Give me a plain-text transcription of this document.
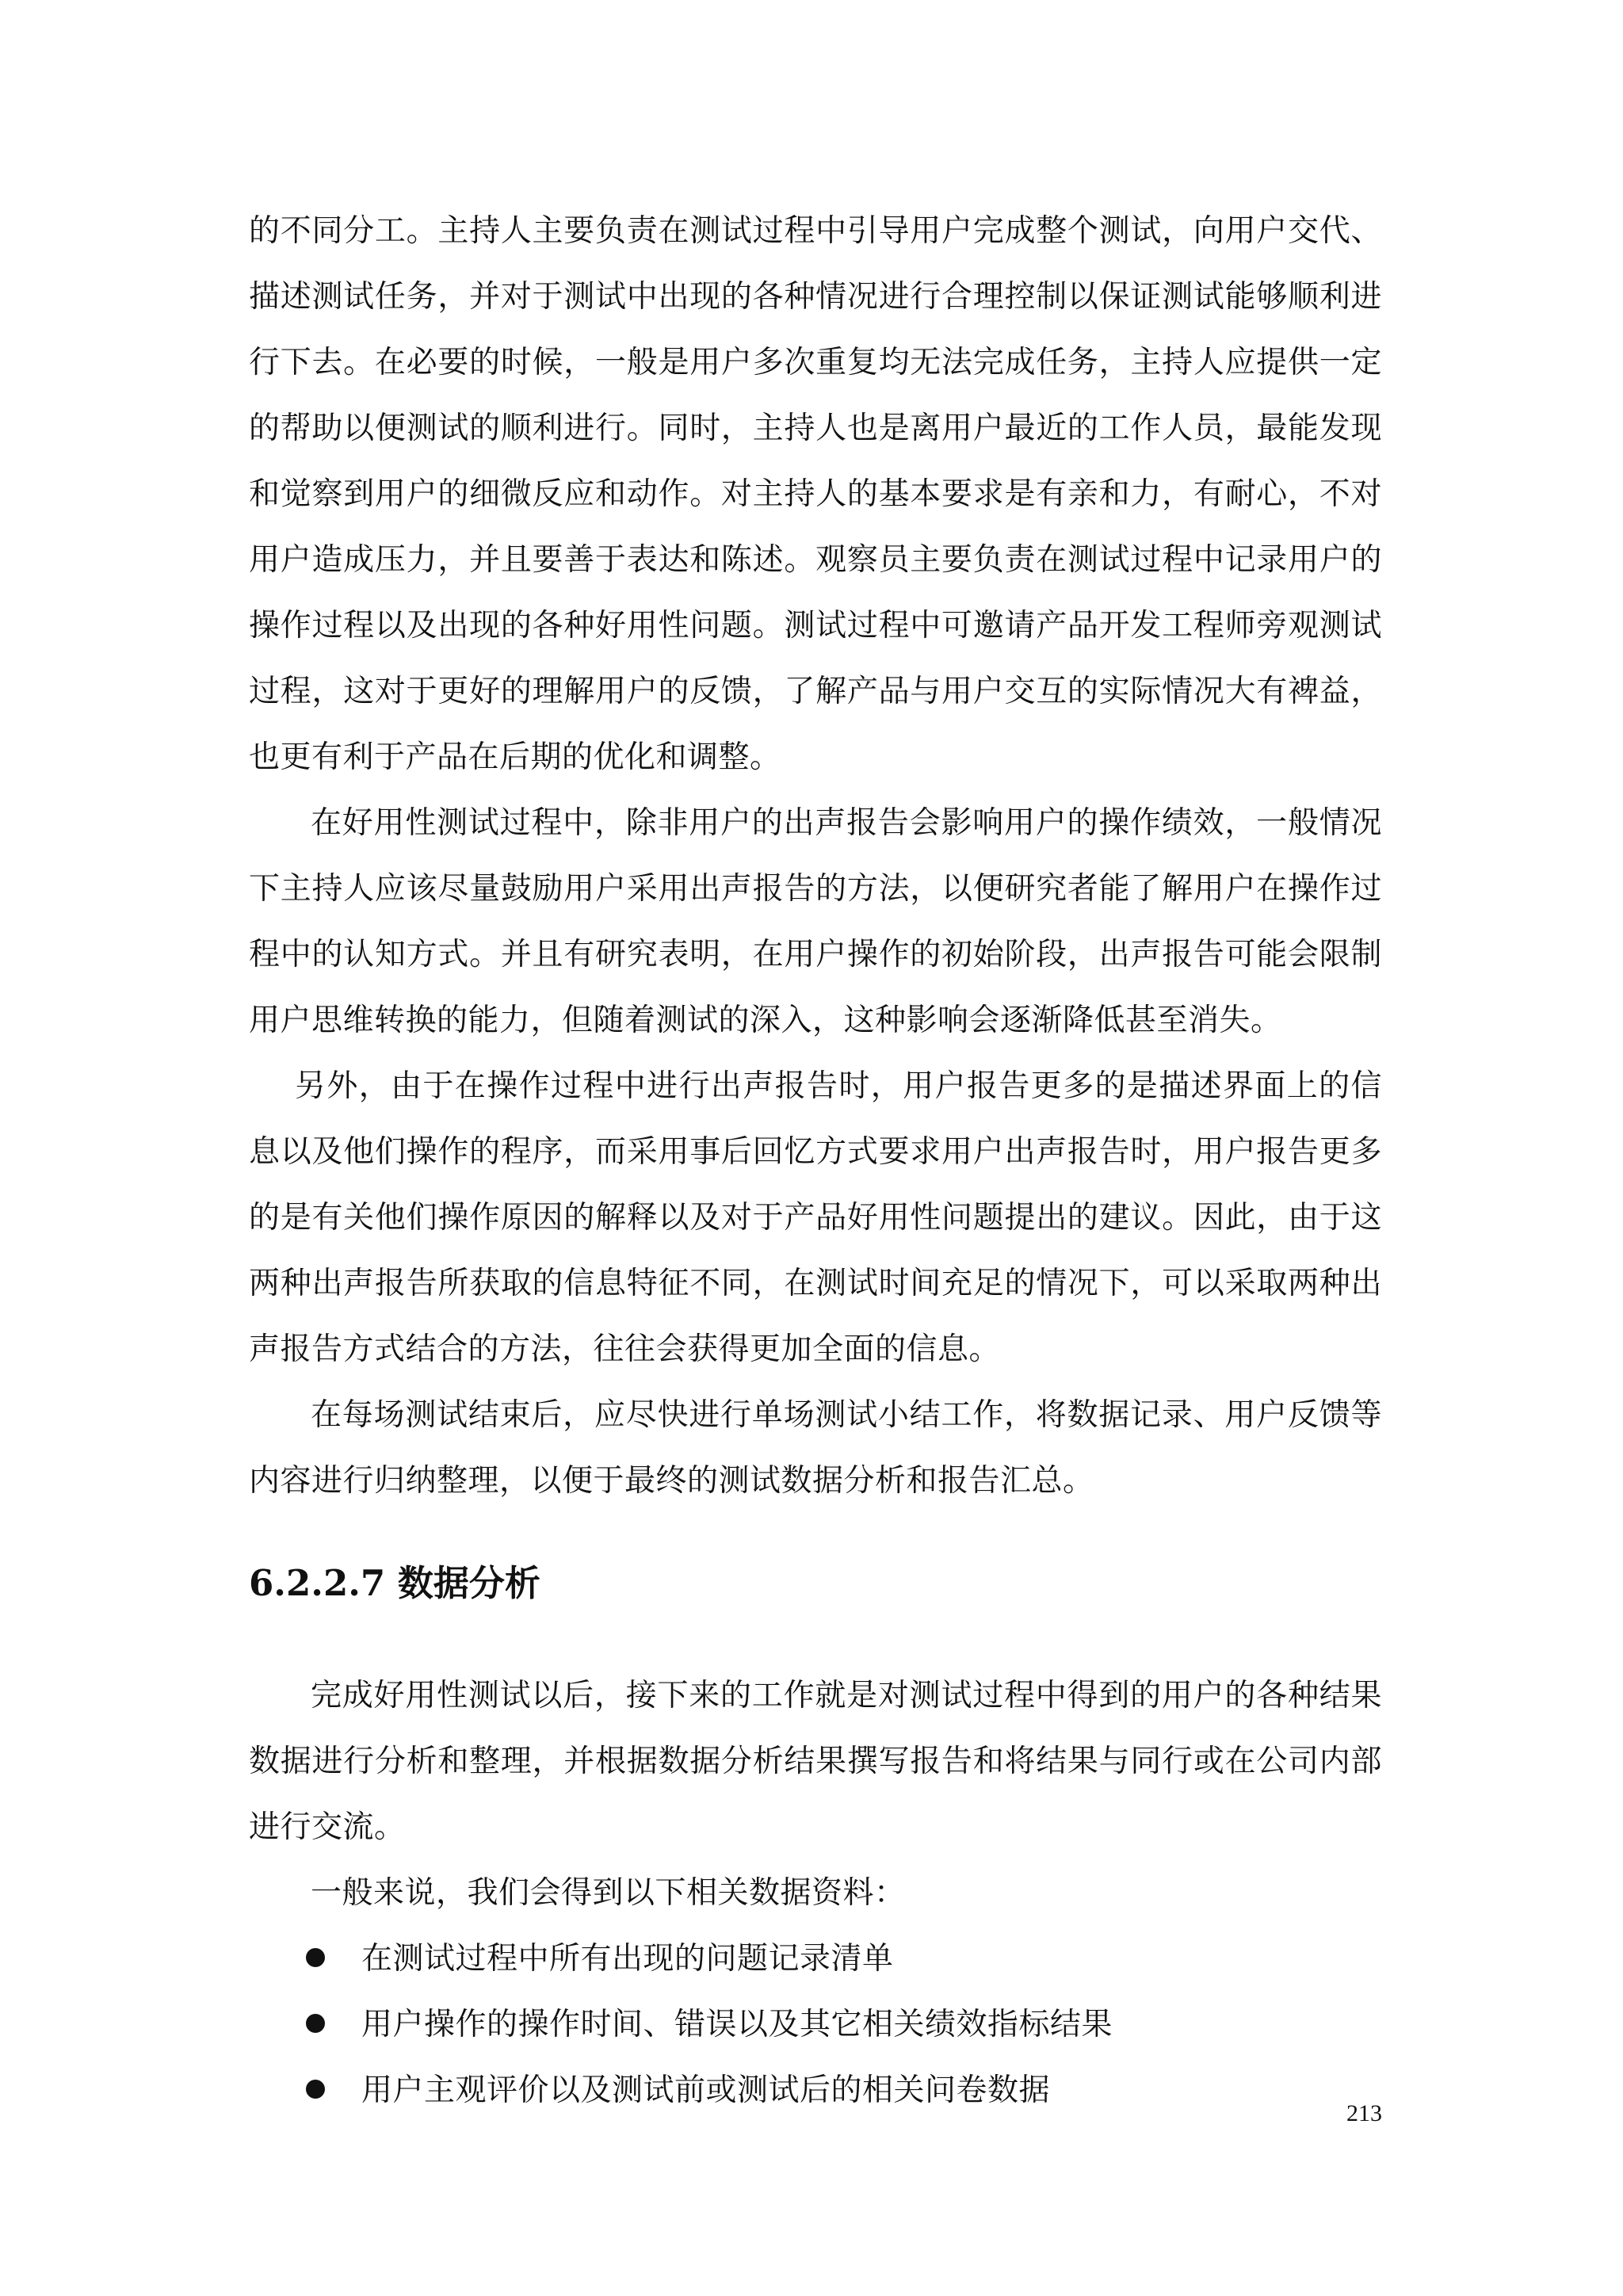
的不同分工。主持人主要负责在测试过程中引导用户完成整个测试，向用户交代、描述测试任务，并对于测试中出现的各种情况进行合理控制以保证测试能够顺利进行下去。在必要的时候，一般是用户多次重复均无法完成任务，主持人应提供一定的帮助以便测试的顺利进行。同时，主持人也是离用户最近的工作人员，最能发现和觉察到用户的细微反应和动作。对主持人的基本要求是有亲和力，有耐心，不对用户造成压力，并且要善于表达和陈述。观察员主要负责在测试过程中记录用户的操作过程以及出现的各种好用性问题。测试过程中可邀请产品开发工程师旁观测试过程，这对于更好的理解用户的反馈，了解产品与用户交互的实际情况大有裨益，也更有利于产品在后期的优化和调整。

在好用性测试过程中，除非用户的出声报告会影响用户的操作绩效，一般情况下主持人应该尽量鼓励用户采用出声报告的方法，以便研究者能了解用户在操作过程中的认知方式。并且有研究表明，在用户操作的初始阶段，出声报告可能会限制用户思维转换的能力，但随着测试的深入，这种影响会逐渐降低甚至消失。

另外，由于在操作过程中进行出声报告时，用户报告更多的是描述界面上的信息以及他们操作的程序，而采用事后回忆方式要求用户出声报告时，用户报告更多的是有关他们操作原因的解释以及对于产品好用性问题提出的建议。因此，由于这两种出声报告所获取的信息特征不同，在测试时间充足的情况下，可以采取两种出声报告方式结合的方法，往往会获得更加全面的信息。

在每场测试结束后，应尽快进行单场测试小结工作，将数据记录、用户反馈等内容进行归纳整理，以便于最终的测试数据分析和报告汇总。

6.2.2.7 数据分析

完成好用性测试以后，接下来的工作就是对测试过程中得到的用户的各种结果数据进行分析和整理，并根据数据分析结果撰写报告和将结果与同行或在公司内部进行交流。

一般来说，我们会得到以下相关数据资料：

在测试过程中所有出现的问题记录清单
用户操作的操作时间、错误以及其它相关绩效指标结果
用户主观评价以及测试前或测试后的相关问卷数据
213
